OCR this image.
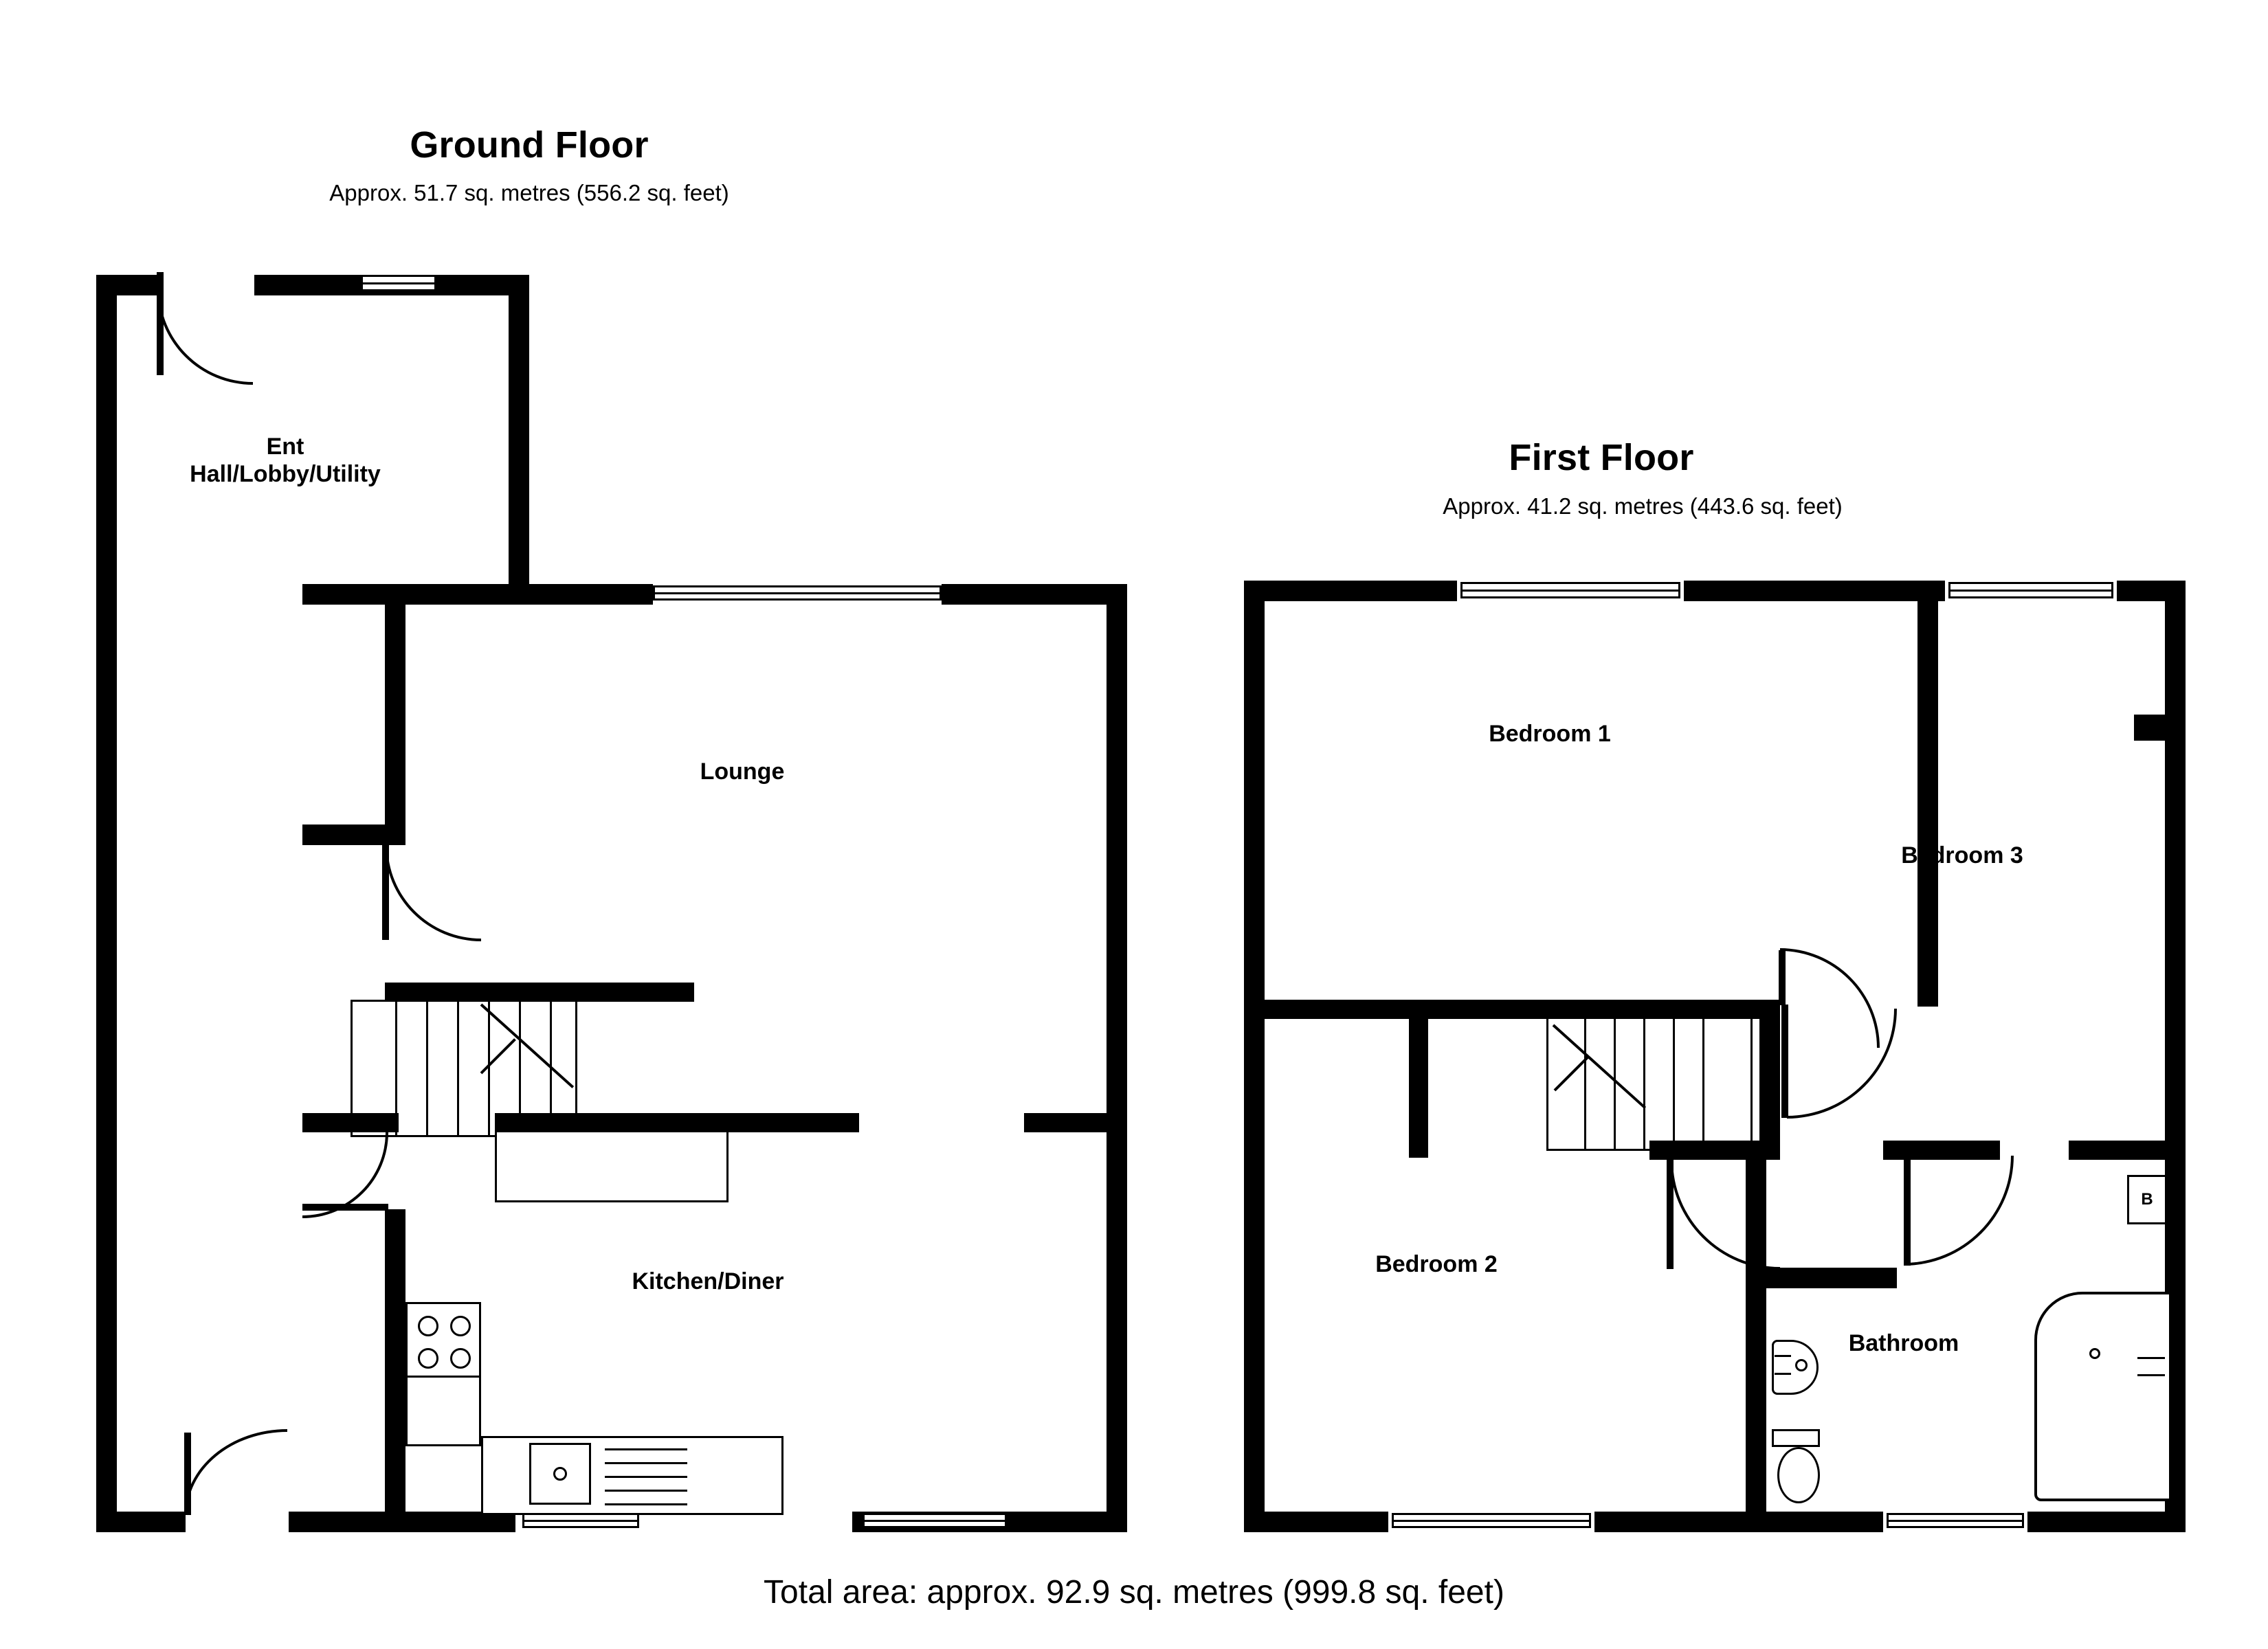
Ground Floor
Approx. 51.7 sq. metres (556.2 sq. feet)
First Floor
Approx. 41.2 sq. metres (443.6 sq. feet)
Ent
Hall/Lobby/Utility
Lounge
Kitchen/Diner
B
Bedroom 1
Bedroom 3
Bedroom 2
Bathroom
Total area: approx. 92.9 sq. metres (999.8 sq. feet)
